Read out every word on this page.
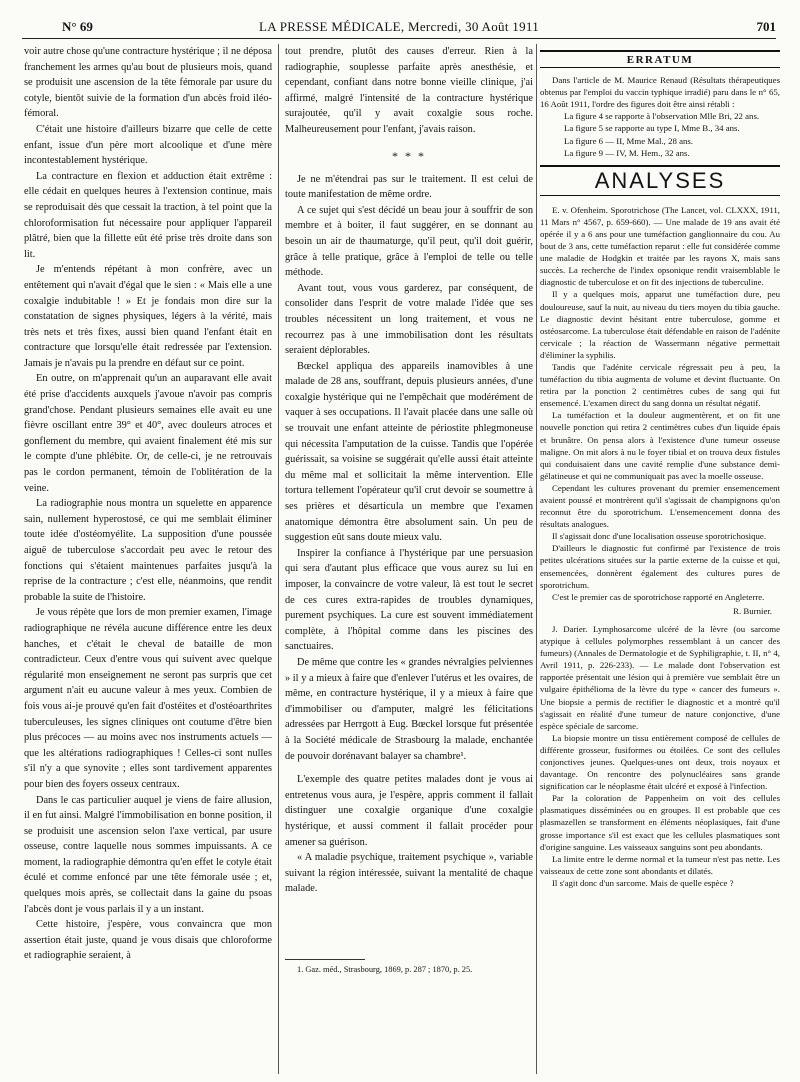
N° 69	LA PRESSE MÉDICALE, Mercredi, 30 Août 1911	701

voir autre chose qu'une contracture hystérique ; il ne déposa franchement les armes qu'au bout de plusieurs mois, quand se produisit une ascension de la tête fémorale par usure du cotyle, bientôt suivie de la formation d'un abcès froid iléo-fémoral.

C'était une histoire d'ailleurs bizarre que celle de cette enfant, issue d'un père mort alcoolique et d'une mère incontestablement hystérique.

La contracture en flexion et adduction était extrême : elle cédait en quelques heures à l'extension continue, mais se reproduisait dès que cessait la traction, à tel point que la chloroformisation fut nécessaire pour appliquer l'appareil plâtré, bien que la fillette eût été prise très droite dans son lit.

Je m'entends répétant à mon confrère, avec un entêtement qui n'avait d'égal que le sien : « Mais elle a une coxalgie indubitable ! » Et je fondais mon dire sur la constatation de signes physiques, légers à la vérité, mais très nets et très fixes, aussi bien quand l'enfant était en contracture que lorsqu'elle était redressée par l'extension. Jamais je n'avais pu la prendre en défaut sur ce point.

En outre, on m'apprenait qu'un an auparavant elle avait été prise d'accidents auxquels j'avoue n'avoir pas compris grand'chose. Pendant plusieurs semaines elle avait eu une fièvre oscillant entre 39° et 40°, avec douleurs atroces et gonflement du membre, qui avaient finalement été mis sur le compte d'une phlébite. Or, de celle-ci, je ne retrouvais pas le cordon permanent, témoin de l'oblitération de la veine.

La radiographie nous montra un squelette en apparence sain, nullement hyperostosé, ce qui me semblait éliminer toute idée d'ostéomyélite. La supposition d'une poussée aiguë de tuberculose s'accordait peu avec le retour des fonctions qui s'étaient maintenues parfaites jusqu'à la reprise de la contracture ; c'est elle, néanmoins, que rendit probable la suite de l'histoire.

Je vous répète que lors de mon premier examen, l'image radiographique ne révéla aucune différence entre les deux hanches, et c'était le cheval de bataille de mon contradicteur. Ceux d'entre vous qui suivent avec quelque régularité mon enseignement ne seront pas surpris que cet argument n'ait eu aucune valeur à mes yeux. Combien de fois vous ai-je prouvé qu'en fait d'ostéites et d'ostéoarthrites tuberculeuses, les signes cliniques ont coutume d'être bien plus précoces — au moins avec nos instruments actuels — que les altérations radiographiques ! Celles-ci sont nulles s'il n'y a que synovite ; elles sont tardivement apparentes pour bien des foyers osseux centraux.

Dans le cas particulier auquel je viens de faire allusion, il en fut ainsi. Malgré l'immobilisation en bonne position, il se produisit une ascension selon l'axe vertical, par usure osseuse, contre laquelle nous sommes impuissants. A ce moment, la radiographie démontra qu'en effet le cotyle était éculé et comme enfoncé par une tête fémorale usée ; et, quelques mois après, se collectait dans la gaine du psoas l'abcès dont je vous parlais il y a un instant.

Cette histoire, j'espère, vous convaincra que mon assertion était juste, quand je vous disais que chloroforme et radiographie seraient, à

tout prendre, plutôt des causes d'erreur. Rien à la radiographie, souplesse parfaite après anesthésie, et cependant, confiant dans notre bonne vieille clinique, j'ai affirmé, malgré l'intensité de la contracture hystérique surajoutée, qu'il y avait coxalgie sous roche. Malheureusement pour l'enfant, j'avais raison.

* * *

Je ne m'étendrai pas sur le traitement. Il est celui de toute manifestation de même ordre.

A ce sujet qui s'est décidé un beau jour à souffrir de son membre et à boiter, il faut suggérer, en se donnant au besoin un air de thaumaturge, qu'il peut, qu'il doit guérir, grâce à telle pratique, grâce à l'emploi de telle ou telle méthode.

Avant tout, vous vous garderez, par conséquent, de consolider dans l'esprit de votre malade l'idée que ses troubles nécessitent un long traitement, et vous ne recourrez pas à une immobilisation dont les résultats seraient déplorables.

Bœckel appliqua des appareils inamovibles à une malade de 28 ans, souffrant, depuis plusieurs années, d'une coxalgie hystérique qui ne l'empêchait que modérément de vaquer à ses occupations. Il l'avait placée dans une salle où se trouvait une enfant atteinte de périostite phlegmoneuse qui nécessita l'amputation de la cuisse. Tandis que l'opérée guérissait, sa voisine se suggérait qu'elle aussi était atteinte du même mal et sollicitait la même intervention. Elle tortura tellement l'opérateur qu'il crut devoir se soumettre à ses prières et désarticula un membre que l'examen anatomique démontra être absolument sain. Un peu de suggestion eût sans doute mieux valu.

Inspirer la confiance à l'hystérique par une persuasion qui sera d'autant plus efficace que vous aurez su lui en imposer, la convaincre de votre valeur, là est tout le secret de ces cures extra-rapides de troubles dynamiques, purement psychiques. La cure est souvent immédiatement complète, à l'hôpital comme dans les piscines des sanctuaires.

De même que contre les « grandes névralgies pelviennes » il y a mieux à faire que d'enlever l'utérus et les ovaires, de même, en contracture hystérique, il y a mieux à faire que d'immobiliser ou d'amputer, malgré les félicitations adressées par Herrgott à Eug. Bœckel lorsque fut présentée à la Société médicale de Strasbourg la malade, enchantée de pouvoir dorénavant balayer sa chambre¹.

L'exemple des quatre petites malades dont je vous ai entretenus vous aura, je l'espère, appris comment il fallait distinguer une coxalgie organique d'une coxalgie hystérique, et aussi comment il fallait procéder pour amener sa guérison.

« A maladie psychique, traitement psychique », variable suivant la région intéressée, suivant la mentalité de chaque malade.

1. Gaz. méd., Strasbourg, 1869, p. 287 ; 1870, p. 25.

ERRATUM

Dans l'article de M. Maurice Renaud (Résultats thérapeutiques obtenus par l'emploi du vaccin typhique irradié) paru dans le n° 65, 16 Août 1911, l'ordre des figures doit être ainsi rétabli :

La figure 4 se rapporte à l'observation Mlle Bri, 22 ans.

La figure 5 se rapporte au type I, Mme B., 34 ans.

La figure 6 — II, Mme Mal., 28 ans.

La figure 9 — IV, M. Hem., 32 ans.

ANALYSES

E. v. Ofenheim. Sporotrichose (The Lancet, vol. CLXXX, 1911, 11 Mars n° 4567, p. 659-660). — Une malade de 19 ans avait été opérée il y a 6 ans pour une tuméfaction ganglionnaire du cou. Au bout de 3 ans, cette tuméfaction reparut : elle fut considérée comme une maladie de Hodgkin et traitée par les rayons X, mais sans succès. La recherche de l'index opsonique rendit vraisemblable le diagnostic de tuberculose et on fit des injections de tuberculine.

Il y a quelques mois, apparut une tuméfaction dure, peu douloureuse, sauf la nuit, au niveau du tiers moyen du tibia gauche. Le diagnostic devint hésitant entre tuberculose, gomme et ostéosarcome. La tuberculose était défendable en raison de l'adénite cervicale ; la réaction de Wassermann négative permettait d'éliminer la syphilis.

Tandis que l'adénite cervicale régressait peu à peu, la tuméfaction du tibia augmenta de volume et devint fluctuante. On retira par la ponction 2 centimètres cubes de sang qui fut ensemencé. L'examen direct du sang donna un résultat négatif.

La tuméfaction et la douleur augmentèrent, et on fit une nouvelle ponction qui retira 2 centimètres cubes d'un liquide épais et brunâtre. On pensa alors à l'existence d'une tumeur osseuse maligne. On mit alors à nu le foyer tibial et on trouva deux fistules qui conduisaient dans une cavité remplie d'une substance demi-gélatineuse et qui ne communiquait pas avec la moelle osseuse.

Cependant les cultures provenant du premier ensemencement avaient poussé et montrèrent qu'il s'agissait de champignons qu'on reconnut être du sporotrichum. L'ensemencement donna des résultats analogues.

Il s'agissait donc d'une localisation osseuse sporotrichosique.

D'ailleurs le diagnostic fut confirmé par l'existence de trois petites ulcérations situées sur la partie externe de la cuisse et qui, ensemencées, donnèrent également des cultures pures de sporotrichum.

C'est le premier cas de sporotrichose rapporté en Angleterre.

R. Burnier.

J. Darier. Lymphosarcome ulcéré de la lèvre (ou sarcome atypique à cellules polymorphes ressemblant à un cancer des fumeurs) (Annales de Dermatologie et de Syphiligraphie, t. II, n° 4, Avril 1911, p. 226-233). — Le malade dont l'observation est rapportée présentait une lésion qui à première vue semblait être un vulgaire épithélioma de la lèvre du type « cancer des fumeurs ». Une biopsie a permis de rectifier le diagnostic et a montré qu'il s'agissait en réalité d'une tumeur de nature conjonctive, d'une espèce spéciale de sarcome.

La biopsie montre un tissu entièrement composé de cellules de différente grosseur, fusiformes ou étoilées. Ce sont des cellules conjonctives jeunes. Quelques-unes ont deux, trois noyaux et davantage. On rencontre des polynucléaires sans grande signification car le néoplasme était ulcéré et exposé à l'infection.

Par la coloration de Pappenheim on voit des cellules plasmatiques disséminées ou en groupes. Il est probable que ces plasmazellen se transforment en éléments néoplasiques, fait d'une grosse importance s'il est exact que les cellules plasmatiques sont d'origine sanguine. Les vaisseaux sanguins sont peu abondants.

La limite entre le derme normal et la tumeur n'est pas nette. Les vaisseaux de cette zone sont abondants et dilatés.

Il s'agit donc d'un sarcome. Mais de quelle espèce ?
